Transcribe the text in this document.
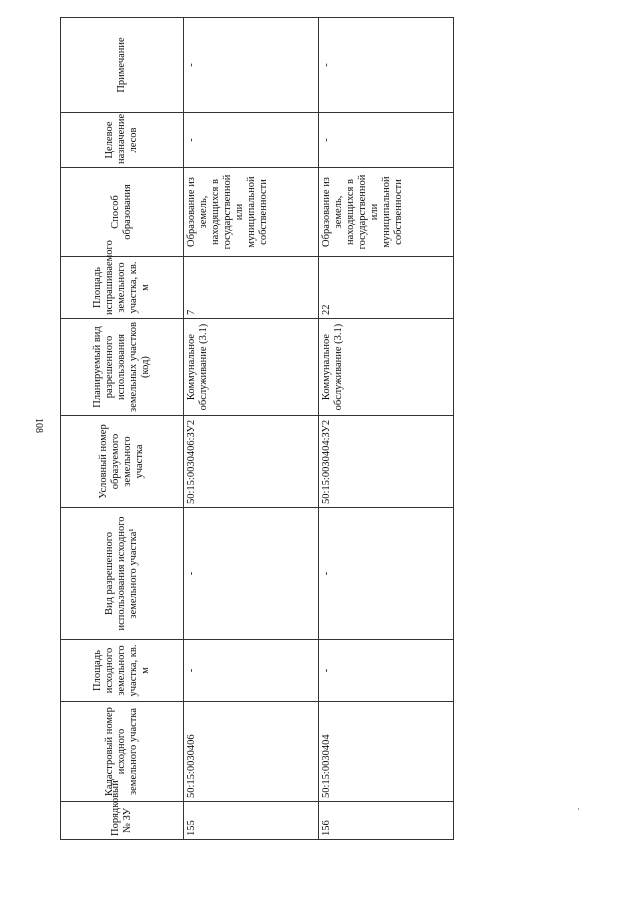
108
Порядковый № ЗУ	Кадастровый номер исходного земельного участка	Площадь исходного земельного участка, кв. м	Вид разрешенного использования исходного земельного участка¹	Условный номер образуемого земельного участка	Планируемый вид разрешенного использования земельных участков (код)	Площадь испрашиваемого земельного участка, кв. м	Способ образования	Целевое назначение лесов	Примечание
155	50:15:0030406	-	-	50:15:0030406:ЗУ2	Коммунальное обслуживание (3.1)	7	Образование из земель, находящихся в государственной или муниципальной собственности	-	-
156	50:15:0030404	-	-	50:15:0030404:ЗУ2	Коммунальное обслуживание (3.1)	22	Образование из земель, находящихся в государственной или муниципальной собственности	-	-
